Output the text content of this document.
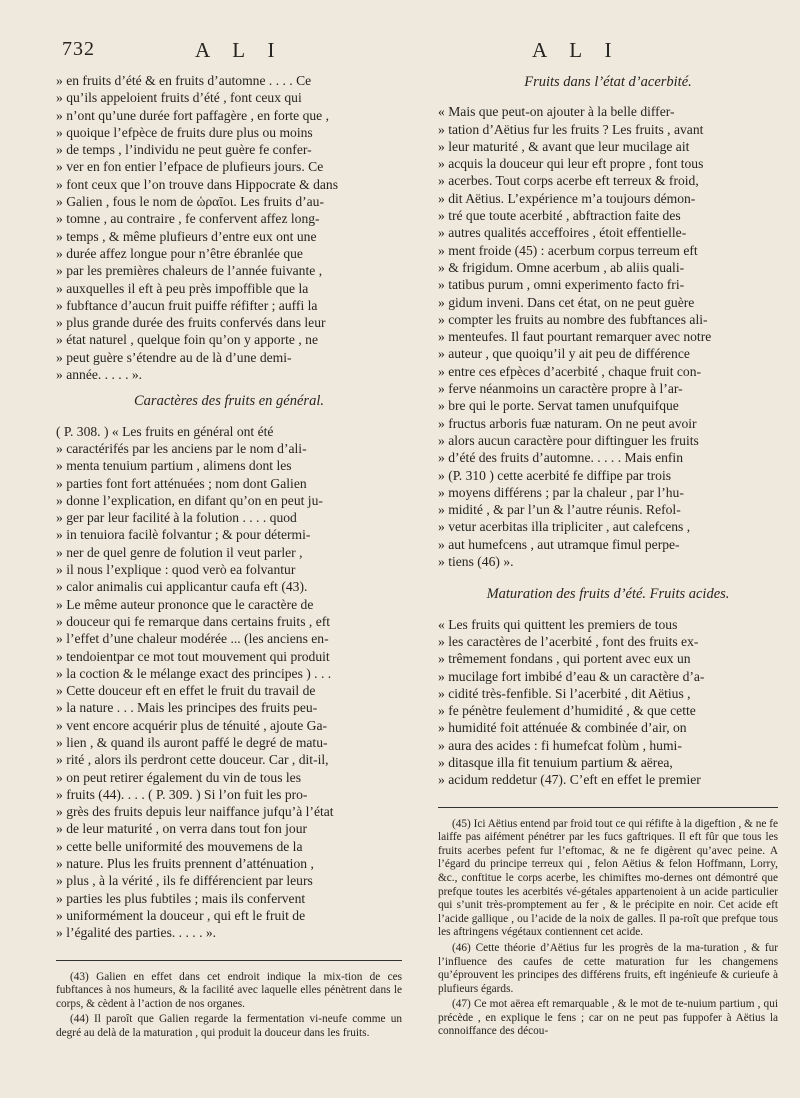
732	A L I	A L I

» en fruits d’été & en fruits d’automne . . . . Ce

» qu’ils appeloient fruits d’été , font ceux qui

» n’ont qu’une durée fort paffagère , en forte que ,

» quoique l’efpèce de fruits dure plus ou moins

» de temps , l’individu ne peut guère fe confer-

» ver en fon entier l’efpace de plufieurs jours. Ce

» font ceux que l’on trouve dans Hippocrate & dans

» Galien , fous le nom de ὡραῖοι. Les fruits d’au-

» tomne , au contraire , fe confervent affez long-

» temps , & même plufieurs d’entre eux ont une

» durée affez longue pour n’être ébranlée que

» par les premières chaleurs de l’année fuivante ,

» auxquelles il eft à peu près impoffible que la

» fubftance d’aucun fruit puiffe réfifter ; auffi la

» plus grande durée des fruits confervés dans leur

» état naturel , quelque foin qu’on y apporte , ne

» peut guère s’étendre au de là d’une demi-

» année. . . . . ».

Caractères des fruits en général.

( P. 308. ) « Les fruits en général ont été

» caractérifés par les anciens par le nom d’ali-

» menta tenuium partium , alimens dont les

» parties font fort atténuées ; nom dont Galien

» donne l’explication, en difant qu’on en peut ju-

» ger par leur facilité à la folution . . . . quod

» in tenuiora facilè folvantur ; & pour détermi-

» ner de quel genre de folution il veut parler ,

» il nous l’explique : quod verò ea folvantur

» calor animalis cui applicantur caufa eft (43).

» Le même auteur prononce que le caractère de

» douceur qui fe remarque dans certains fruits , eft

» l’effet d’une chaleur modérée ... (les anciens en-

» tendoientpar ce mot tout mouvement qui produit

» la coction & le mélange exact des principes ) . . .

» Cette douceur eft en effet le fruit du travail de

» la nature . . . Mais les principes des fruits peu-

» vent encore acquérir plus de ténuité , ajoute Ga-

» lien , & quand ils auront paffé le degré de matu-

» rité , alors ils perdront cette douceur. Car , dit-il,

» on peut retirer également du vin de tous les

» fruits (44). . . . ( P. 309. ) Si l’on fuit les pro-

» grès des fruits depuis leur naiffance jufqu’à l’état

» de leur maturité , on verra dans tout fon jour

» cette belle uniformité des mouvemens de la

» nature. Plus les fruits prennent d’atténuation ,

» plus , à la vérité , ils fe différencient par leurs

» parties les plus fubtiles ; mais ils confervent

» uniformément la douceur , qui eft le fruit de

» l’égalité des parties. . . . . ».

(43) Galien en effet dans cet endroit indique la mix-tion de ces fubftances à nos humeurs, & la facilité avec laquelle elles pénètrent dans le corps, & cèdent à l’action de nos organes.

(44) Il paroît que Galien regarde la fermentation vi-neufe comme un degré au delà de la maturation , qui produit la douceur dans les fruits.

Fruits dans l’état d’acerbité.

« Mais que peut-on ajouter à la belle differ-

» tation d’Aëtius fur les fruits ? Les fruits , avant

» leur maturité , & avant que leur mucilage ait

» acquis la douceur qui leur eft propre , font tous

» acerbes. Tout corps acerbe eft terreux & froid,

» dit Aëtius. L’expérience m’a toujours démon-

» tré que toute acerbité , abftraction faite des

» autres qualités acceffoires , étoit effentielle-

» ment froide (45) : acerbum corpus terreum eft

» & frigidum. Omne acerbum , ab aliis quali-

» tatibus purum , omni experimento facto fri-

» gidum inveni. Dans cet état, on ne peut guère

» compter les fruits au nombre des fubftances ali-

» menteufes. Il faut pourtant remarquer avec notre

» auteur , que quoiqu’il y ait peu de différence

» entre ces efpèces d’acerbité , chaque fruit con-

» ferve néanmoins un caractère propre à l’ar-

» bre qui le porte. Servat tamen unufquifque

» fructus arboris fuæ naturam. On ne peut avoir

» alors aucun caractère pour diftinguer les fruits

» d’été des fruits d’automne. . . . . Mais enfin

» (P. 310 ) cette acerbité fe diffipe par trois

» moyens différens ; par la chaleur , par l’hu-

» midité , & par l’un & l’autre réunis. Refol-

» vetur acerbitas illa tripliciter , aut calefcens ,

» aut humefcens , aut utramque fimul perpe-

» tiens (46) ».

Maturation des fruits d’été. Fruits acides.

« Les fruits qui quittent les premiers de tous

» les caractères de l’acerbité , font des fruits ex-

» trêmement fondans , qui portent avec eux un

» mucilage fort imbibé d’eau & un caractère d’a-

» cidité très-fenfible. Si l’acerbité , dit Aëtius ,

» fe pénètre feulement d’humidité , & que cette

» humidité foit atténuée & combinée d’air, on

» aura des acides : fi humefcat folùm , humi-

» ditasque illa fit tenuium partium & aërea,

» acidum reddetur (47). C’eft en effet le premier

(45) Ici Aëtius entend par froid tout ce qui réfifte à la digeftion , & ne fe laiffe pas aifément pénétrer par les fucs gaftriques. Il eft fûr que tous les fruits acerbes pefent fur l’eftomac, & ne fe digèrent qu’avec peine. A l’égard du principe terreux qui , felon Aëtius & felon Hoffmann, Lorry, &c., conftitue le corps acerbe, les chimiftes mo-dernes ont démontré que prefque toutes les acerbités vé-gétales appartenoient à un acide particulier qui s’unit très-promptement au fer , & le précipite en noir. Cet acide eft l’acide gallique , ou l’acide de la noix de galles. Il pa-roît que prefque tous les aftringens végétaux contiennent cet acide.

(46) Cette théorie d’Aëtius fur les progrès de la ma-turation , & fur l’influence des caufes de cette maturation fur les changemens qu’éprouvent les principes des différens fruits, eft ingénieufe & curieufe à plufieurs égards.

(47) Ce mot aërea eft remarquable , & le mot de te-nuium partium , qui précède , en explique le fens ; car on ne peut pas fuppofer à Aëtius la connoiffance des décou-
